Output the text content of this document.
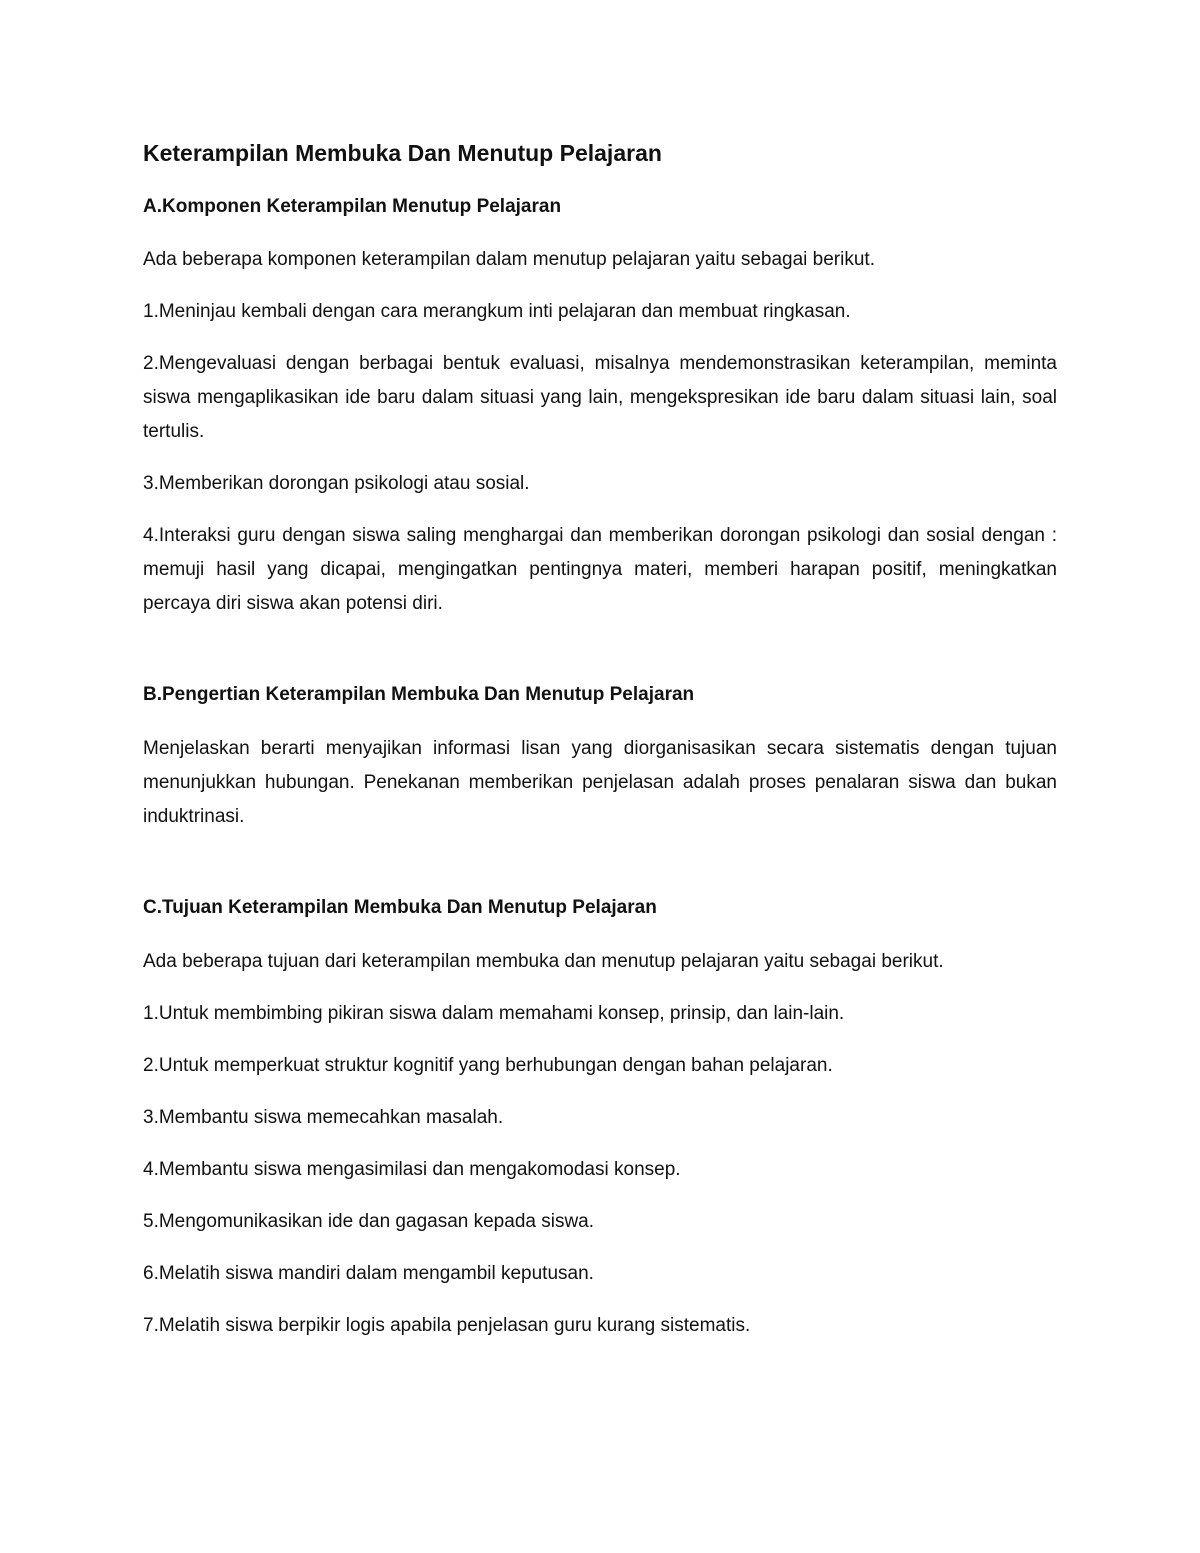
Keterampilan Membuka Dan Menutup Pelajaran
A.Komponen Keterampilan Menutup Pelajaran

Ada beberapa komponen keterampilan dalam menutup pelajaran yaitu sebagai berikut.

1.Meninjau kembali dengan cara merangkum inti pelajaran dan membuat ringkasan.

2.Mengevaluasi dengan berbagai bentuk evaluasi, misalnya mendemonstrasikan keterampilan, meminta siswa mengaplikasikan ide baru dalam situasi yang lain, mengekspresikan ide baru dalam situasi lain, soal tertulis.

3.Memberikan dorongan psikologi atau sosial.

4.Interaksi guru dengan siswa saling menghargai dan memberikan dorongan psikologi dan sosial dengan : memuji hasil yang dicapai, mengingatkan pentingnya materi, memberi harapan positif, meningkatkan percaya diri siswa akan potensi diri.

B.Pengertian Keterampilan Membuka Dan Menutup Pelajaran

Menjelaskan berarti menyajikan informasi lisan yang diorganisasikan secara sistematis dengan tujuan menunjukkan hubungan. Penekanan memberikan penjelasan adalah proses penalaran siswa dan bukan induktrinasi.

C.Tujuan Keterampilan Membuka Dan Menutup Pelajaran

Ada beberapa tujuan dari keterampilan membuka dan menutup pelajaran yaitu sebagai berikut.

1.Untuk membimbing pikiran siswa dalam memahami konsep, prinsip, dan lain-lain.

2.Untuk memperkuat struktur kognitif yang berhubungan dengan bahan pelajaran.

3.Membantu siswa memecahkan masalah.

4.Membantu siswa mengasimilasi dan mengakomodasi konsep.

5.Mengomunikasikan ide dan gagasan kepada siswa.

6.Melatih siswa mandiri dalam mengambil keputusan.

7.Melatih siswa berpikir logis apabila penjelasan guru kurang sistematis.
